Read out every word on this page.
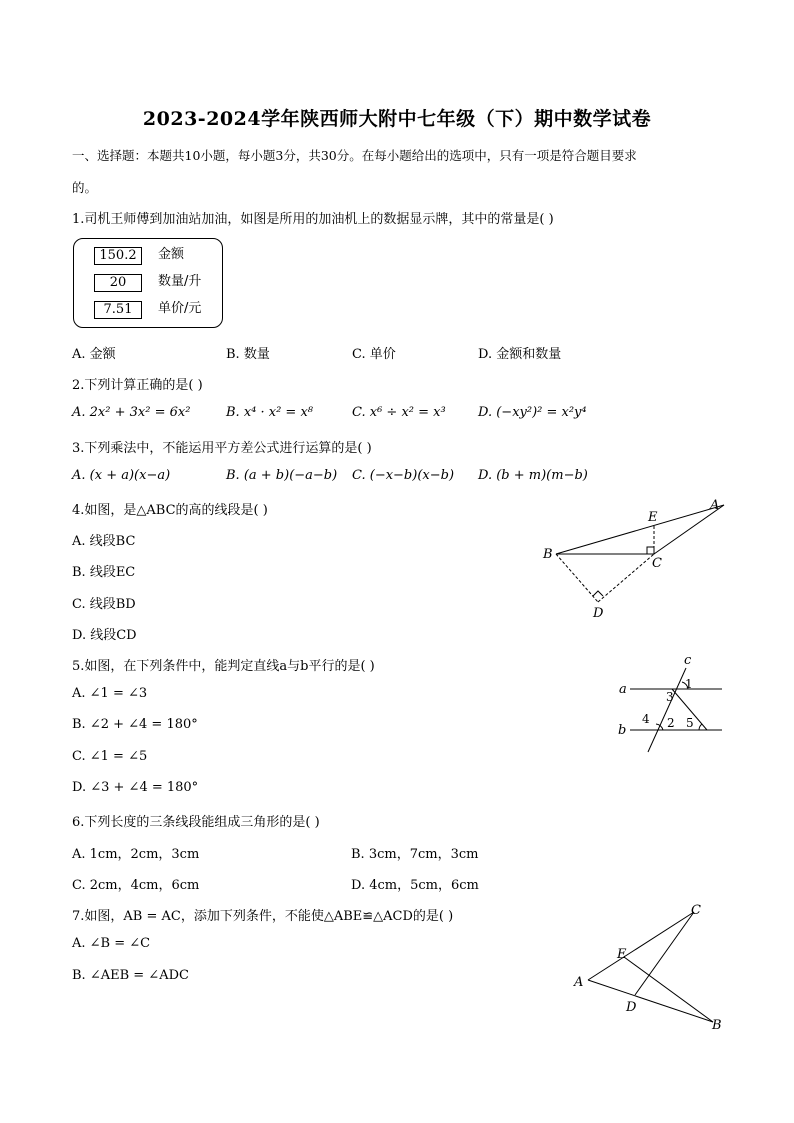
2023-2024学年陕西师大附中七年级（下）期中数学试卷
一、选择题：本题共10小题，每小题3分，共30分。在每小题给出的选项中，只有一项是符合题目要求
的。
1.司机王师傅到加油站加油，如图是所用的加油机上的数据显示牌，其中的常量是( )
150.2	金额
20	数量/升
7.51	单价/元
A. 金额	B. 数量	C. 单价	D. 金额和数量
2.下列计算正确的是( )
A. 2x² + 3x² = 6x²	B. x⁴ · x² = x⁸	C. x⁶ ÷ x² = x³ D. (−xy²)² = x²y⁴
3.下列乘法中，不能运用平方差公式进行运算的是( )
A. (x + a)(x−a)	B. (a + b)(−a−b) C. (−x−b)(x−b) D. (b + m)(m−b)
4.如图，是△ABC的高的线段是( )
A. 线段BC
B. 线段EC
C. 线段BD
D. 线段CD
A
B
C
D
E
5.如图，在下列条件中，能判定直线a与b平行的是( )
A. ∠1 = ∠3
B. ∠2 + ∠4 = 180°
C. ∠1 = ∠5
D. ∠3 + ∠4 = 180°
a
b
c
1
3
4 2 5
6.下列长度的三条线段能组成三角形的是( )
A. 1cm，2cm，3cm	B. 3cm，7cm，3cm
C. 2cm，4cm，6cm	D. 4cm，5cm，6cm
7.如图，AB = AC，添加下列条件，不能使△ABE≌△ACD的是( )
A. ∠B = ∠C
B. ∠AEB = ∠ADC	A
B
C
D
E
